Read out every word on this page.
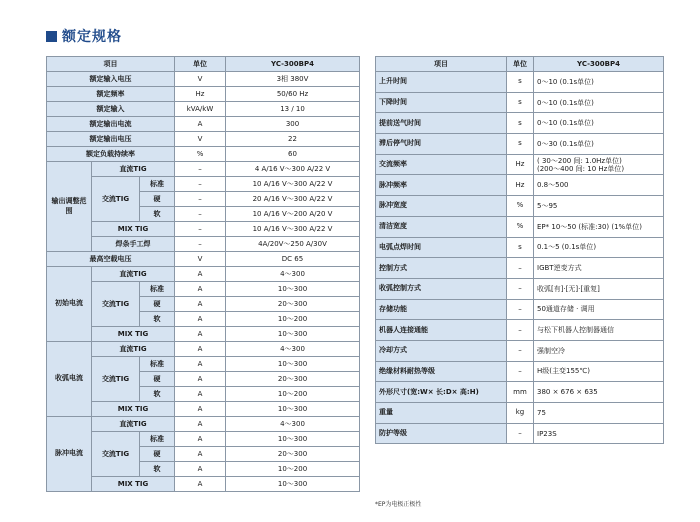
额定规格
项目			单位	YC-300BP4
额定输入电压			V	3相 380V
额定频率			Hz	50/60 Hz
额定输入			kVA/kW	13 / 10
额定输出电流			A	300
额定输出电压			V	22
额定负载持续率			%	60
输出调整范围	直流TIG		–	4 A/16 V～300 A/22 V
	交流TIG	标准	–	10 A/16 V～300 A/22 V
		硬	–	20 A/16 V～300 A/22 V
		软	–	10 A/16 V～200 A/20 V
	MIX TIG		–	10 A/16 V～300 A/22 V
	焊条手工焊		–	4A/20V～250 A/30V
最高空载电压			V	DC 65
初始电流	直流TIG		A	4～300
	交流TIG	标准	A	10～300
		硬	A	20～300
		软	A	10～200
	MIX TIG		A	10～300
收弧电流	直流TIG		A	4～300
	交流TIG	标准	A	10～300
		硬	A	20～300
		软	A	10～200
	MIX TIG		A	10～300
脉冲电流	直流TIG		A	4～300
	交流TIG	标准	A	10～300
		硬	A	20～300
		软	A	10～200
	MIX TIG		A	10～300
项目	单位	YC-300BP4
上升时间	s	0～10 (0.1s单位)
下降时间	s	0～10 (0.1s单位)
提前送气时间	s	0～10 (0.1s单位)
滞后停气时间	s	0～30 (0.1s单位)
交流频率	Hz	( 30～200 间: 1.0Hz单位)
(200～400 间: 10 Hz单位)
脉冲频率	Hz	0.8～500
脉冲宽度	%	5～95
清洁宽度	%	EP* 10～50 (标准:30) (1%单位)
电弧点焊时间	s	0.1～5 (0.1s单位)
控制方式	–	IGBT逆变方式
收弧控制方式	–	收弧[有]·[无]·[重复]
存储功能	–	50通道存储 · 调用
机器人连接通能	–	与松下机器人控制器通信
冷却方式	–	强制空冷
绝缘材料耐热等级	–	H级(主变155℃)
外形尺寸(宽:W× 长:D× 高:H)	mm	380 × 676 × 635
重量	kg	75
防护等级	–	IP23S
*EP为电极正极性
